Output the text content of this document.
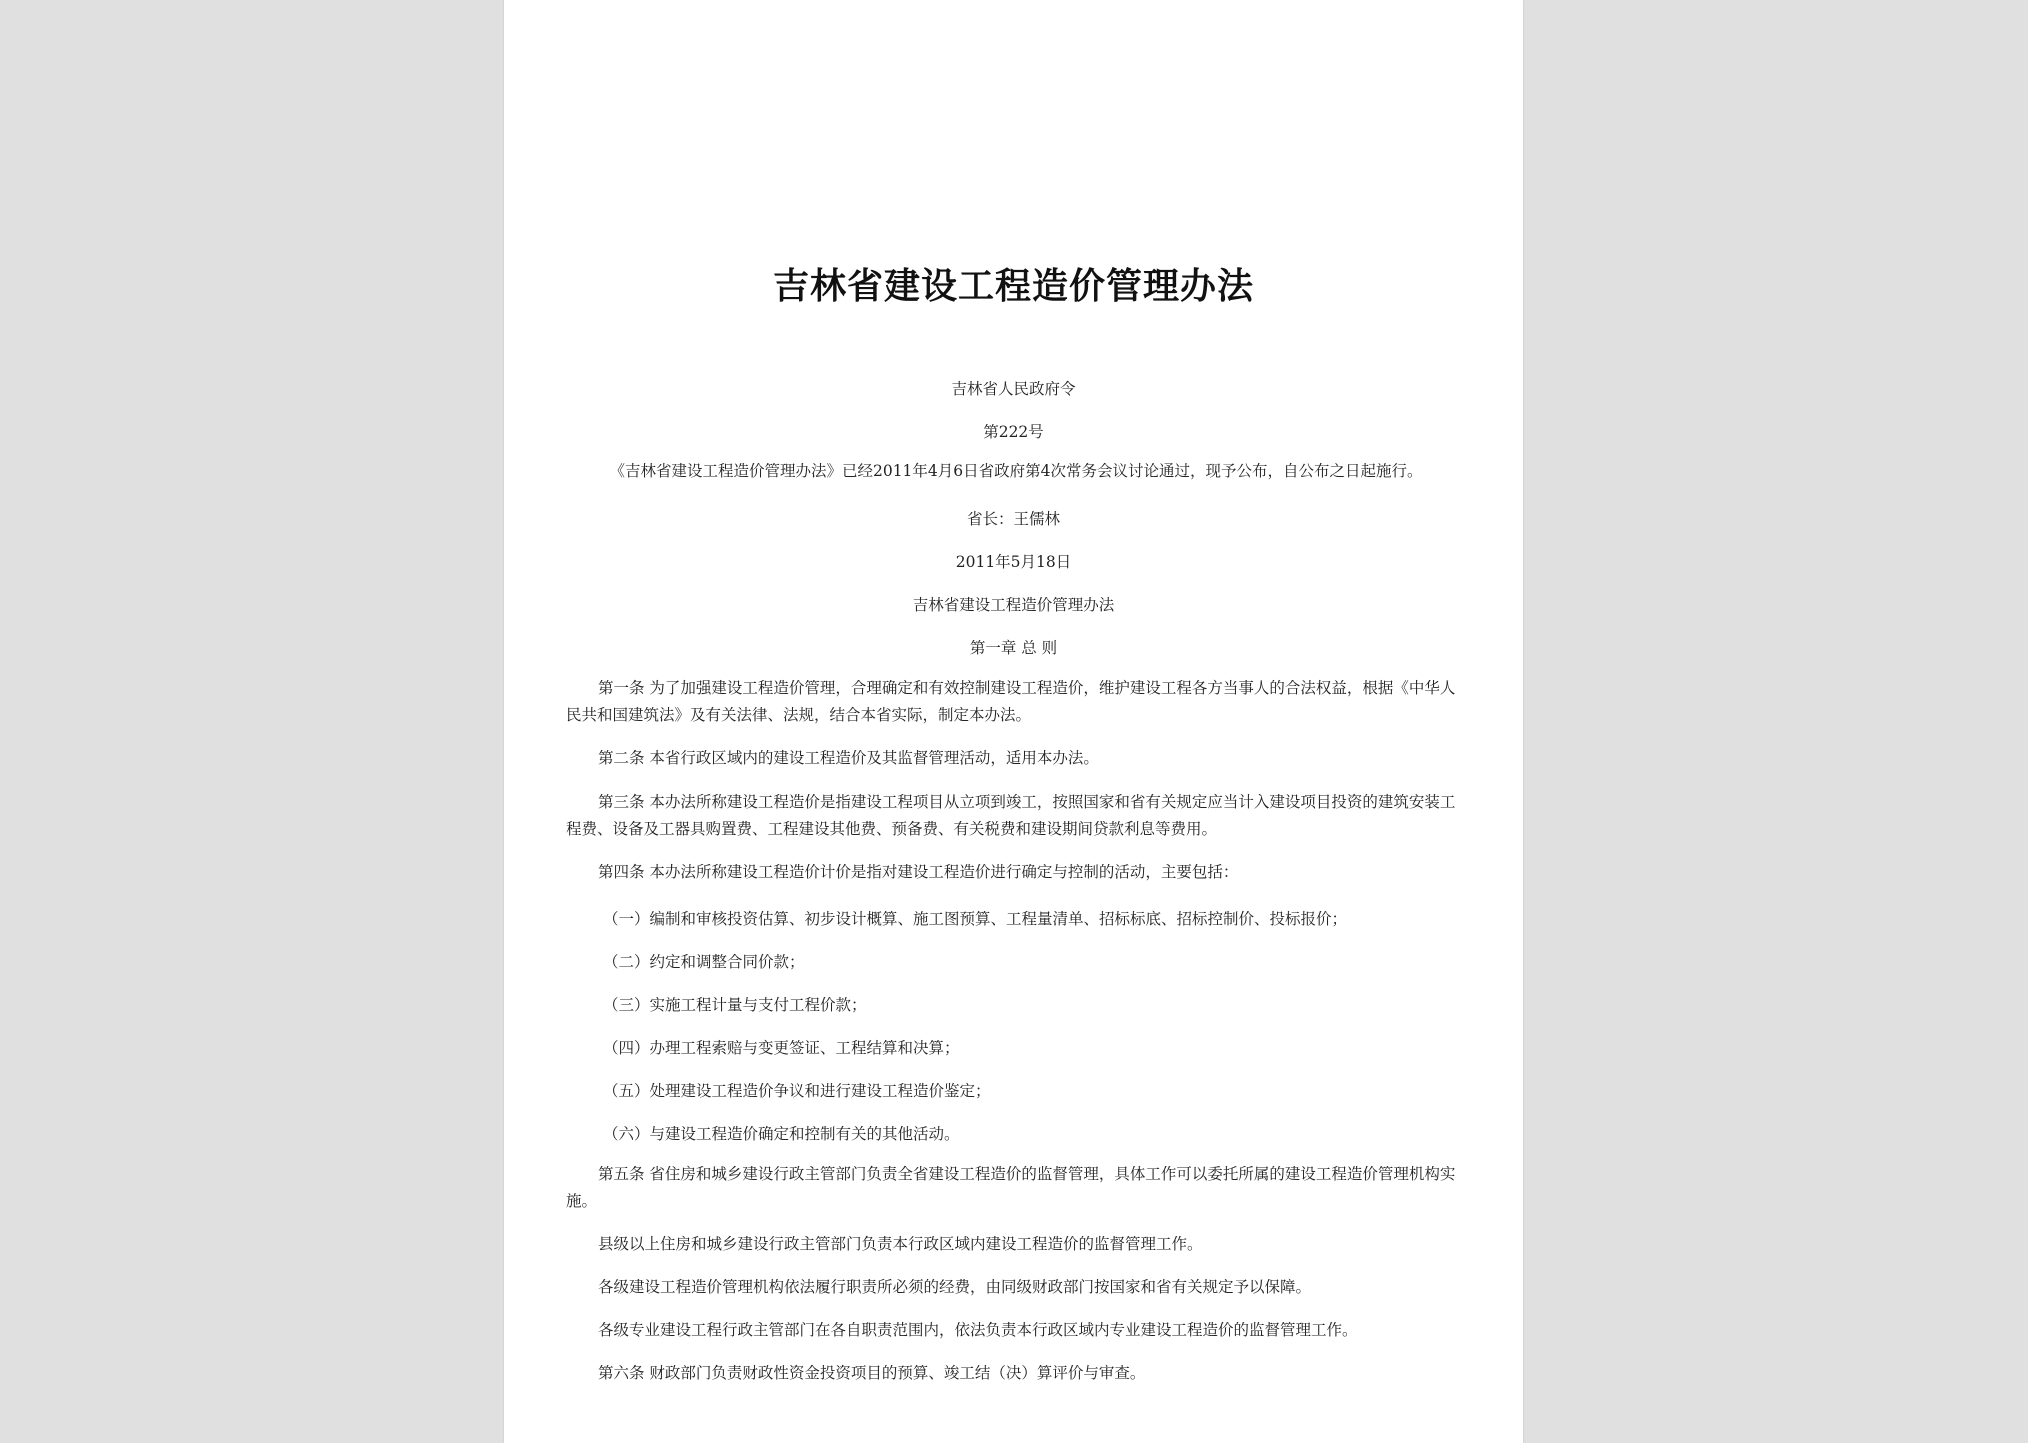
吉林省建设工程造价管理办法
吉林省人民政府令
第222号
《吉林省建设工程造价管理办法》已经2011年4月6日省政府第4次常务会议讨论通过，现予公布，自公布之日起施行。
省长：王儒林
2011年5月18日
吉林省建设工程造价管理办法
第一章 总 则
第一条 为了加强建设工程造价管理，合理确定和有效控制建设工程造价，维护建设工程各方当事人的合法权益，根据《中华人民共和国建筑法》及有关法律、法规，结合本省实际，制定本办法。
第二条 本省行政区域内的建设工程造价及其监督管理活动，适用本办法。
第三条 本办法所称建设工程造价是指建设工程项目从立项到竣工，按照国家和省有关规定应当计入建设项目投资的建筑安装工程费、设备及工器具购置费、工程建设其他费、预备费、有关税费和建设期间贷款利息等费用。
第四条 本办法所称建设工程造价计价是指对建设工程造价进行确定与控制的活动，主要包括：
（一）编制和审核投资估算、初步设计概算、施工图预算、工程量清单、招标标底、招标控制价、投标报价；
（二）约定和调整合同价款；
（三）实施工程计量与支付工程价款；
（四）办理工程索赔与变更签证、工程结算和决算；
（五）处理建设工程造价争议和进行建设工程造价鉴定；
（六）与建设工程造价确定和控制有关的其他活动。
第五条 省住房和城乡建设行政主管部门负责全省建设工程造价的监督管理，具体工作可以委托所属的建设工程造价管理机构实施。
县级以上住房和城乡建设行政主管部门负责本行政区域内建设工程造价的监督管理工作。
各级建设工程造价管理机构依法履行职责所必须的经费，由同级财政部门按国家和省有关规定予以保障。
各级专业建设工程行政主管部门在各自职责范围内，依法负责本行政区域内专业建设工程造价的监督管理工作。
第六条 财政部门负责财政性资金投资项目的预算、竣工结（决）算评价与审查。
